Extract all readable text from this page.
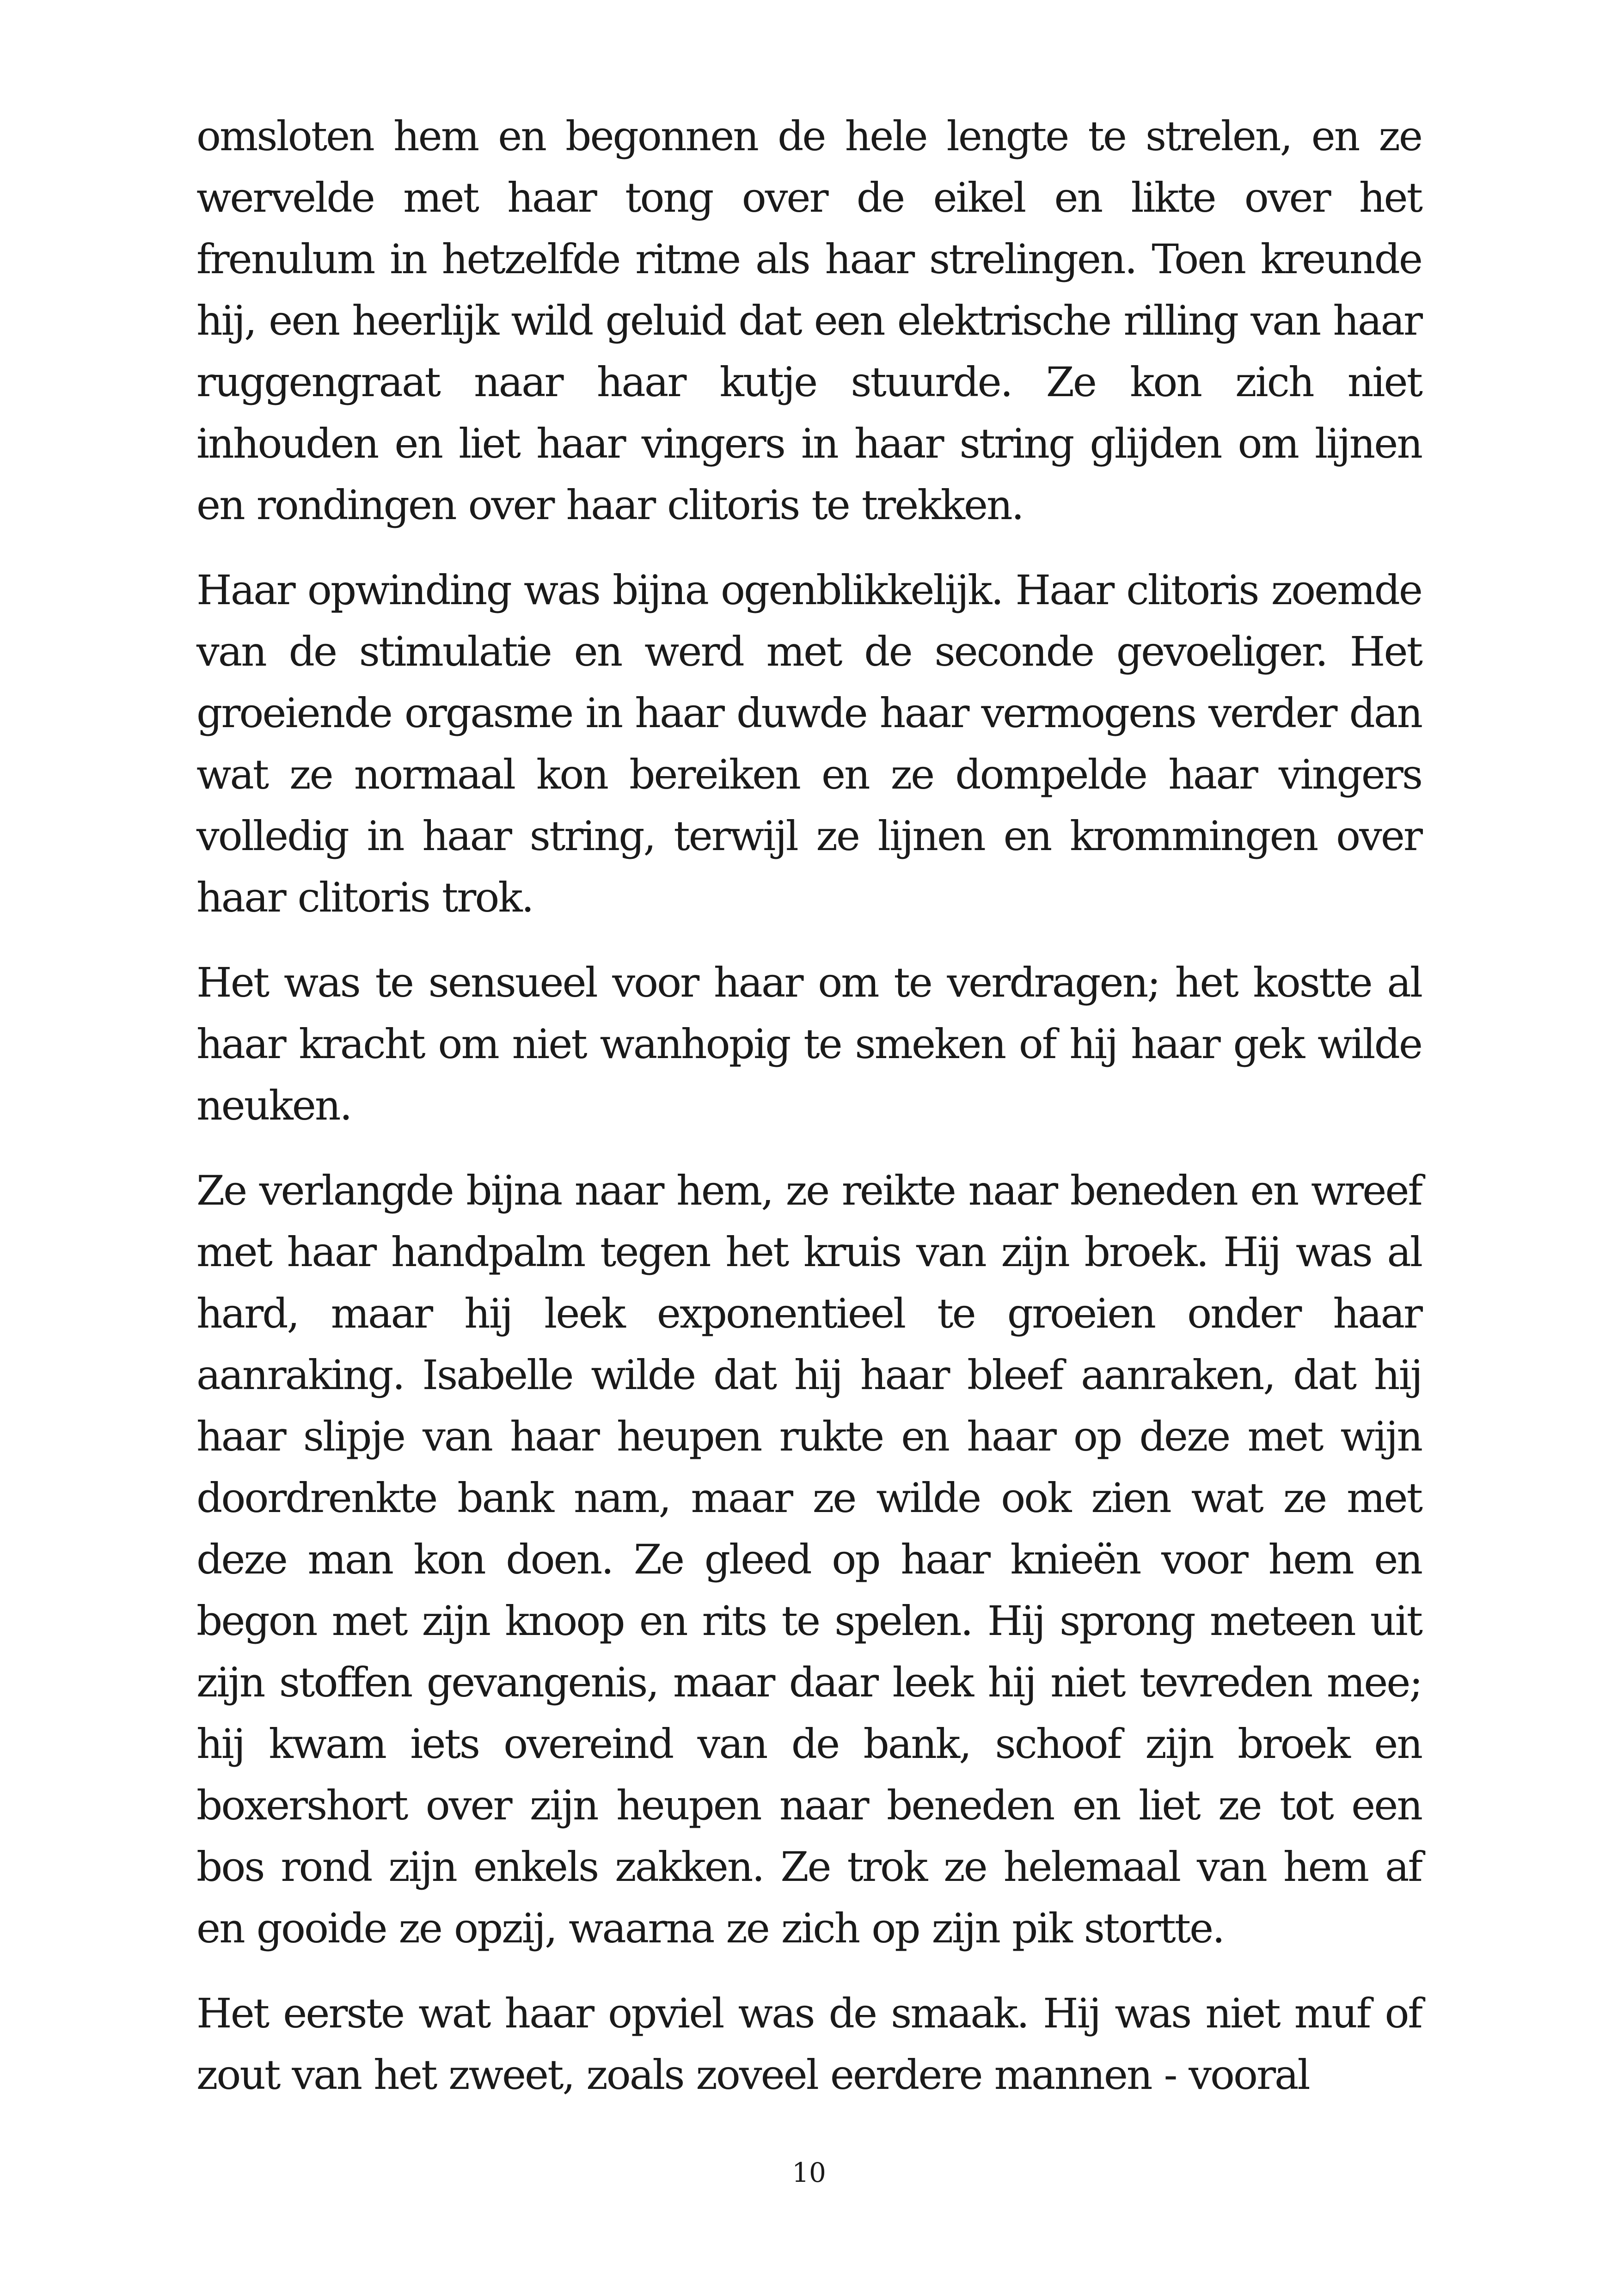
omsloten hem en begonnen de hele lengte te strelen, en ze wervelde met haar tong over de eikel en likte over het frenulum in hetzelfde ritme als haar strelingen. Toen kreunde hij, een heerlijk wild geluid dat een elektrische rilling van haar ruggengraat naar haar kutje stuurde. Ze kon zich niet inhouden en liet haar vingers in haar string glijden om lijnen en rondingen over haar clitoris te trekken.

Haar opwinding was bijna ogenblikkelijk. Haar clitoris zoemde van de stimulatie en werd met de seconde gevoeliger. Het groeiende orgasme in haar duwde haar vermogens verder dan wat ze normaal kon bereiken en ze dompelde haar vingers volledig in haar string, terwijl ze lijnen en krommingen over haar clitoris trok.

Het was te sensueel voor haar om te verdragen; het kostte al haar kracht om niet wanhopig te smeken of hij haar gek wilde neuken.

Ze verlangde bijna naar hem, ze reikte naar beneden en wreef met haar handpalm tegen het kruis van zijn broek. Hij was al hard, maar hij leek exponentieel te groeien onder haar aanraking. Isabelle wilde dat hij haar bleef aanraken, dat hij haar slipje van haar heupen rukte en haar op deze met wijn doordrenkte bank nam, maar ze wilde ook zien wat ze met deze man kon doen. Ze gleed op haar knieën voor hem en begon met zijn knoop en rits te spelen. Hij sprong meteen uit zijn stoffen gevangenis, maar daar leek hij niet tevreden mee; hij kwam iets overeind van de bank, schoof zijn broek en boxershort over zijn heupen naar beneden en liet ze tot een bos rond zijn enkels zakken. Ze trok ze helemaal van hem af en gooide ze opzij, waarna ze zich op zijn pik stortte.

Het eerste wat haar opviel was de smaak. Hij was niet muf of zout van het zweet, zoals zoveel eerdere mannen - vooral

10
